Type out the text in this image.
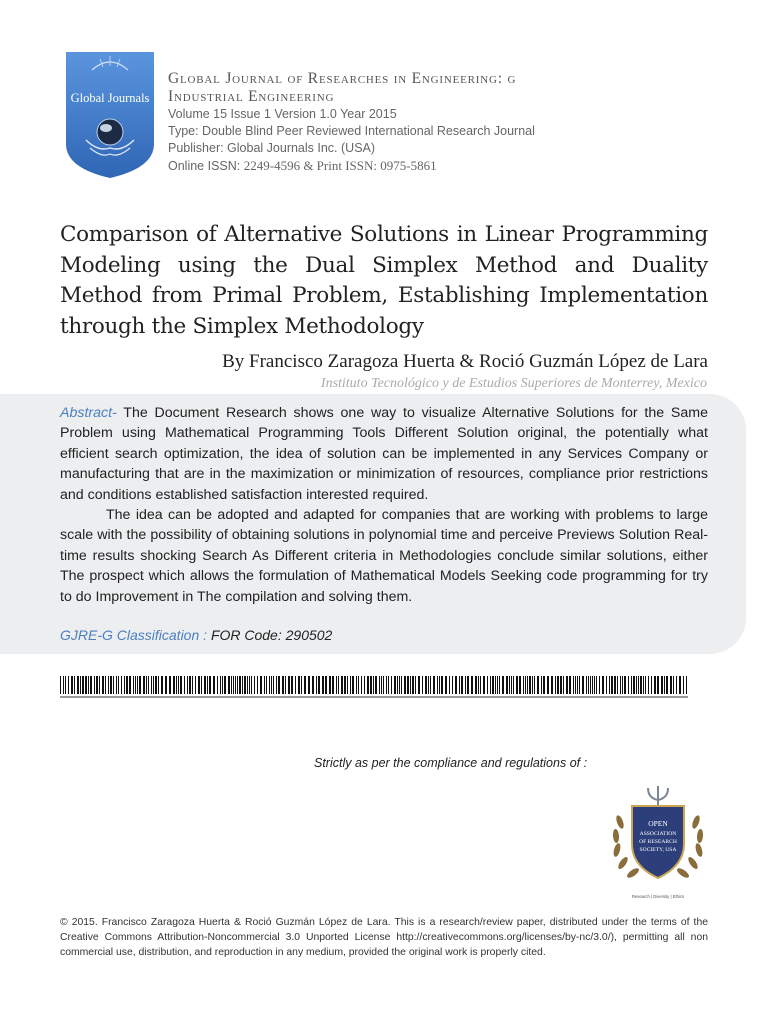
Global Journals
Global Journal of Researches in Engineering: g
Industrial Engineering
Volume 15 Issue 1 Version 1.0 Year 2015
Type: Double Blind Peer Reviewed International Research Journal
Publisher: Global Journals Inc. (USA)
Online ISSN: 2249-4596 & Print ISSN: 0975-5861
Comparison of Alternative Solutions in Linear Programming Modeling using the Dual Simplex Method and Duality Method from Primal Problem, Establishing Implementation through the Simplex Methodology
By Francisco Zaragoza Huerta & Roció Guzmán López de Lara
Instituto Tecnológico y de Estudios Superiores de Monterrey, Mexico

Abstract- The Document Research shows one way to visualize Alternative Solutions for the Same Problem using Mathematical Programming Tools Different Solution original, the potentially what efficient search optimization, the idea of solution can be implemented in any Services Company or manufacturing that are in the maximization or minimization of resources, compliance prior restrictions and conditions established satisfaction interested required.

The idea can be adopted and adapted for companies that are working with problems to large scale with the possibility of obtaining solutions in polynomial time and perceive Previews Solution Real-time results shocking Search As Different criteria in Methodologies conclude similar solutions, either The prospect which allows the formulation of Mathematical Models Seeking code programming for try to do Improvement in The compilation and solving them.

GJRE-G Classification : FOR Code: 290502
Strictly as per the compliance and regulations of :
OPEN
ASSOCIATION
OF RESEARCH
SOCIETY, USA
Research | Diversity | Ethics
© 2015. Francisco Zaragoza Huerta & Roció Guzmán López de Lara. This is a research/review paper, distributed under the terms of the Creative Commons Attribution-Noncommercial 3.0 Unported License http://creativecommons.org/licenses/by-nc/3.0/), permitting all non commercial use, distribution, and reproduction in any medium, provided the original work is properly cited.
